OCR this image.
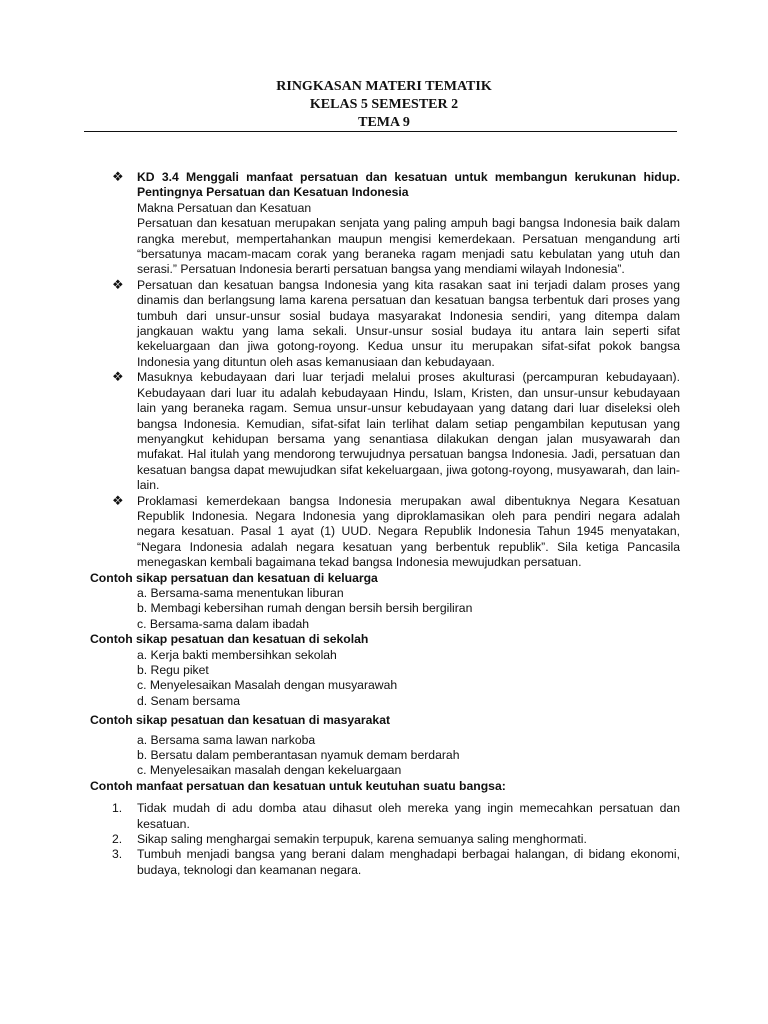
RINGKASAN MATERI TEMATIK
KELAS 5 SEMESTER 2
TEMA 9
❖ KD 3.4 Menggali manfaat persatuan dan kesatuan untuk membangun kerukunan hidup. Pentingnya Persatuan dan Kesatuan Indonesia
Makna Persatuan dan Kesatuan
Persatuan dan kesatuan merupakan senjata yang paling ampuh bagi bangsa Indonesia baik dalam rangka merebut, mempertahankan maupun mengisi kemerdekaan. Persatuan mengandung arti “bersatunya macam-macam corak yang beraneka ragam menjadi satu kebulatan yang utuh dan serasi.” Persatuan Indonesia berarti persatuan bangsa yang mendiami wilayah Indonesia”.
❖ Persatuan dan kesatuan bangsa Indonesia yang kita rasakan saat ini terjadi dalam proses yang dinamis dan berlangsung lama karena persatuan dan kesatuan bangsa terbentuk dari proses yang tumbuh dari unsur-unsur sosial budaya masyarakat Indonesia sendiri, yang ditempa dalam jangkauan waktu yang lama sekali. Unsur-unsur sosial budaya itu antara lain seperti sifat kekeluargaan dan jiwa gotong-royong. Kedua unsur itu merupakan sifat-sifat pokok bangsa Indonesia yang dituntun oleh asas kemanusiaan dan kebudayaan.
❖ Masuknya kebudayaan dari luar terjadi melalui proses akulturasi (percampuran kebudayaan). Kebudayaan dari luar itu adalah kebudayaan Hindu, Islam, Kristen, dan unsur-unsur kebudayaan lain yang beraneka ragam. Semua unsur-unsur kebudayaan yang datang dari luar diseleksi oleh bangsa Indonesia. Kemudian, sifat-sifat lain terlihat dalam setiap pengambilan keputusan yang menyangkut kehidupan bersama yang senantiasa dilakukan dengan jalan musyawarah dan mufakat. Hal itulah yang mendorong terwujudnya persatuan bangsa Indonesia. Jadi, persatuan dan kesatuan bangsa dapat mewujudkan sifat kekeluargaan, jiwa gotong-royong, musyawarah, dan lain-lain.
❖ Proklamasi kemerdekaan bangsa Indonesia merupakan awal dibentuknya Negara Kesatuan Republik Indonesia. Negara Indonesia yang diproklamasikan oleh para pendiri negara adalah negara kesatuan. Pasal 1 ayat (1) UUD. Negara Republik Indonesia Tahun 1945 menyatakan, “Negara Indonesia adalah negara kesatuan yang berbentuk republik”. Sila ketiga Pancasila menegaskan kembali bagaimana tekad bangsa Indonesia mewujudkan persatuan.
Contoh sikap persatuan dan kesatuan di keluarga
a. Bersama-sama menentukan liburan
b. Membagi kebersihan rumah dengan bersih bersih bergiliran
c. Bersama-sama dalam ibadah
Contoh sikap pesatuan dan kesatuan di sekolah
a. Kerja bakti membersihkan sekolah
b. Regu piket
c. Menyelesaikan Masalah dengan musyarawah
d. Senam bersama
Contoh sikap pesatuan dan kesatuan di masyarakat
a. Bersama sama lawan narkoba
b. Bersatu dalam pemberantasan nyamuk demam berdarah
c. Menyelesaikan masalah dengan kekeluargaan
Contoh manfaat persatuan dan kesatuan untuk keutuhan suatu bangsa:
1. Tidak mudah di adu domba atau dihasut oleh mereka yang ingin memecahkan persatuan dan kesatuan.
2. Sikap saling menghargai semakin terpupuk, karena semuanya saling menghormati.
3. Tumbuh menjadi bangsa yang berani dalam menghadapi berbagai halangan, di bidang ekonomi, budaya, teknologi dan keamanan negara.
